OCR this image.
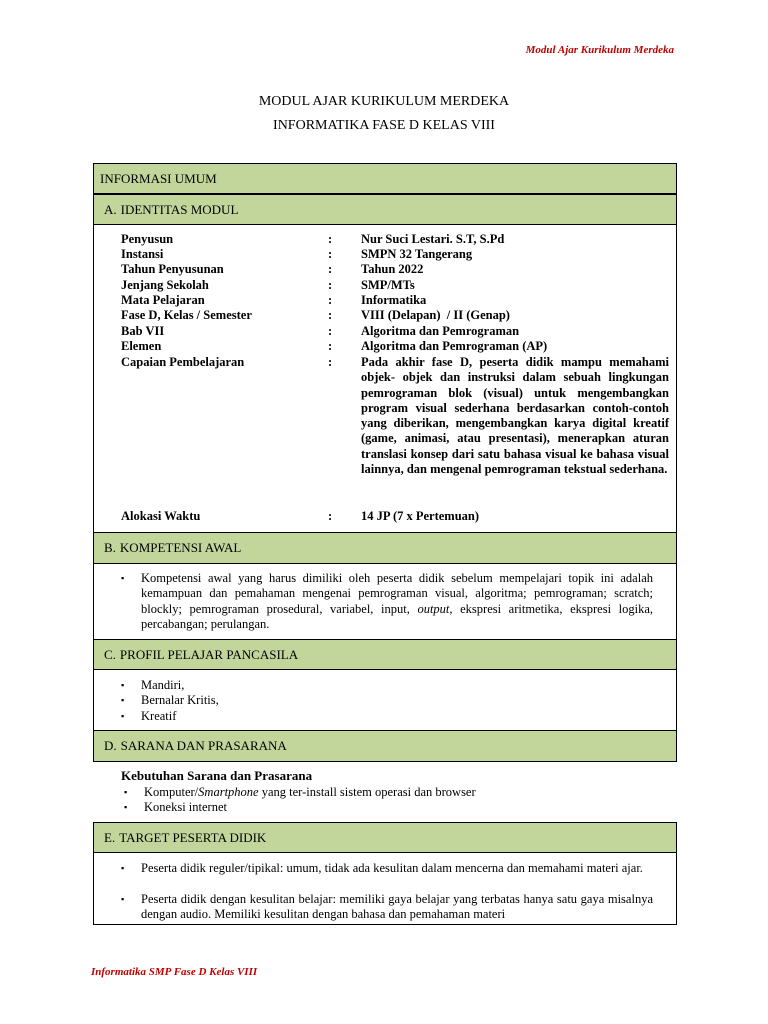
Modul Ajar Kurikulum Merdeka
MODUL AJAR KURIKULUM MERDEKA
INFORMATIKA FASE D KELAS VIII
INFORMASI UMUM
A. IDENTITAS MODUL
Penyusun	: Nur Suci Lestari. S.T, S.Pd
Instansi	: SMPN 32 Tangerang
Tahun Penyusunan	: Tahun 2022
Jenjang Sekolah	: SMP/MTs
Mata Pelajaran	: Informatika
Fase D, Kelas / Semester	: VIII (Delapan)  / II (Genap)
Bab VII	: Algoritma dan Pemrograman
Elemen	: Algoritma dan Pemrograman (AP)
Capaian Pembelajaran	: Pada akhir fase D, peserta didik mampu memahami objek- objek dan instruksi dalam sebuah lingkungan pemrograman blok (visual) untuk mengembangkan program visual sederhana berdasarkan contoh-contoh yang diberikan, mengembangkan karya digital kreatif (game, animasi, atau presentasi), menerapkan aturan translasi konsep dari satu bahasa visual ke bahasa visual lainnya, dan mengenal pemrograman tekstual sederhana.
Alokasi Waktu	: 14 JP (7 x Pertemuan)
B. KOMPETENSI AWAL
▪ Kompetensi awal yang harus dimiliki oleh peserta didik sebelum mempelajari topik ini adalah kemampuan dan pemahaman mengenai pemrograman visual, algoritma; pemrograman; scratch; blockly; pemrograman prosedural, variabel, input, output, ekspresi aritmetika, ekspresi logika, percabangan; perulangan.
C. PROFIL PELAJAR PANCASILA
▪ Mandiri,
▪ Bernalar Kritis,
▪ Kreatif
D. SARANA DAN PRASARANA
Kebutuhan Sarana dan Prasarana
▪ Komputer/Smartphone yang ter-install sistem operasi dan browser
▪ Koneksi internet
E. TARGET PESERTA DIDIK
▪ Peserta didik reguler/tipikal: umum, tidak ada kesulitan dalam mencerna dan memahami materi ajar.
▪ Peserta didik dengan kesulitan belajar: memiliki gaya belajar yang terbatas hanya satu gaya misalnya dengan audio. Memiliki kesulitan dengan bahasa dan pemahaman materi
Informatika SMP Fase D Kelas VIII
